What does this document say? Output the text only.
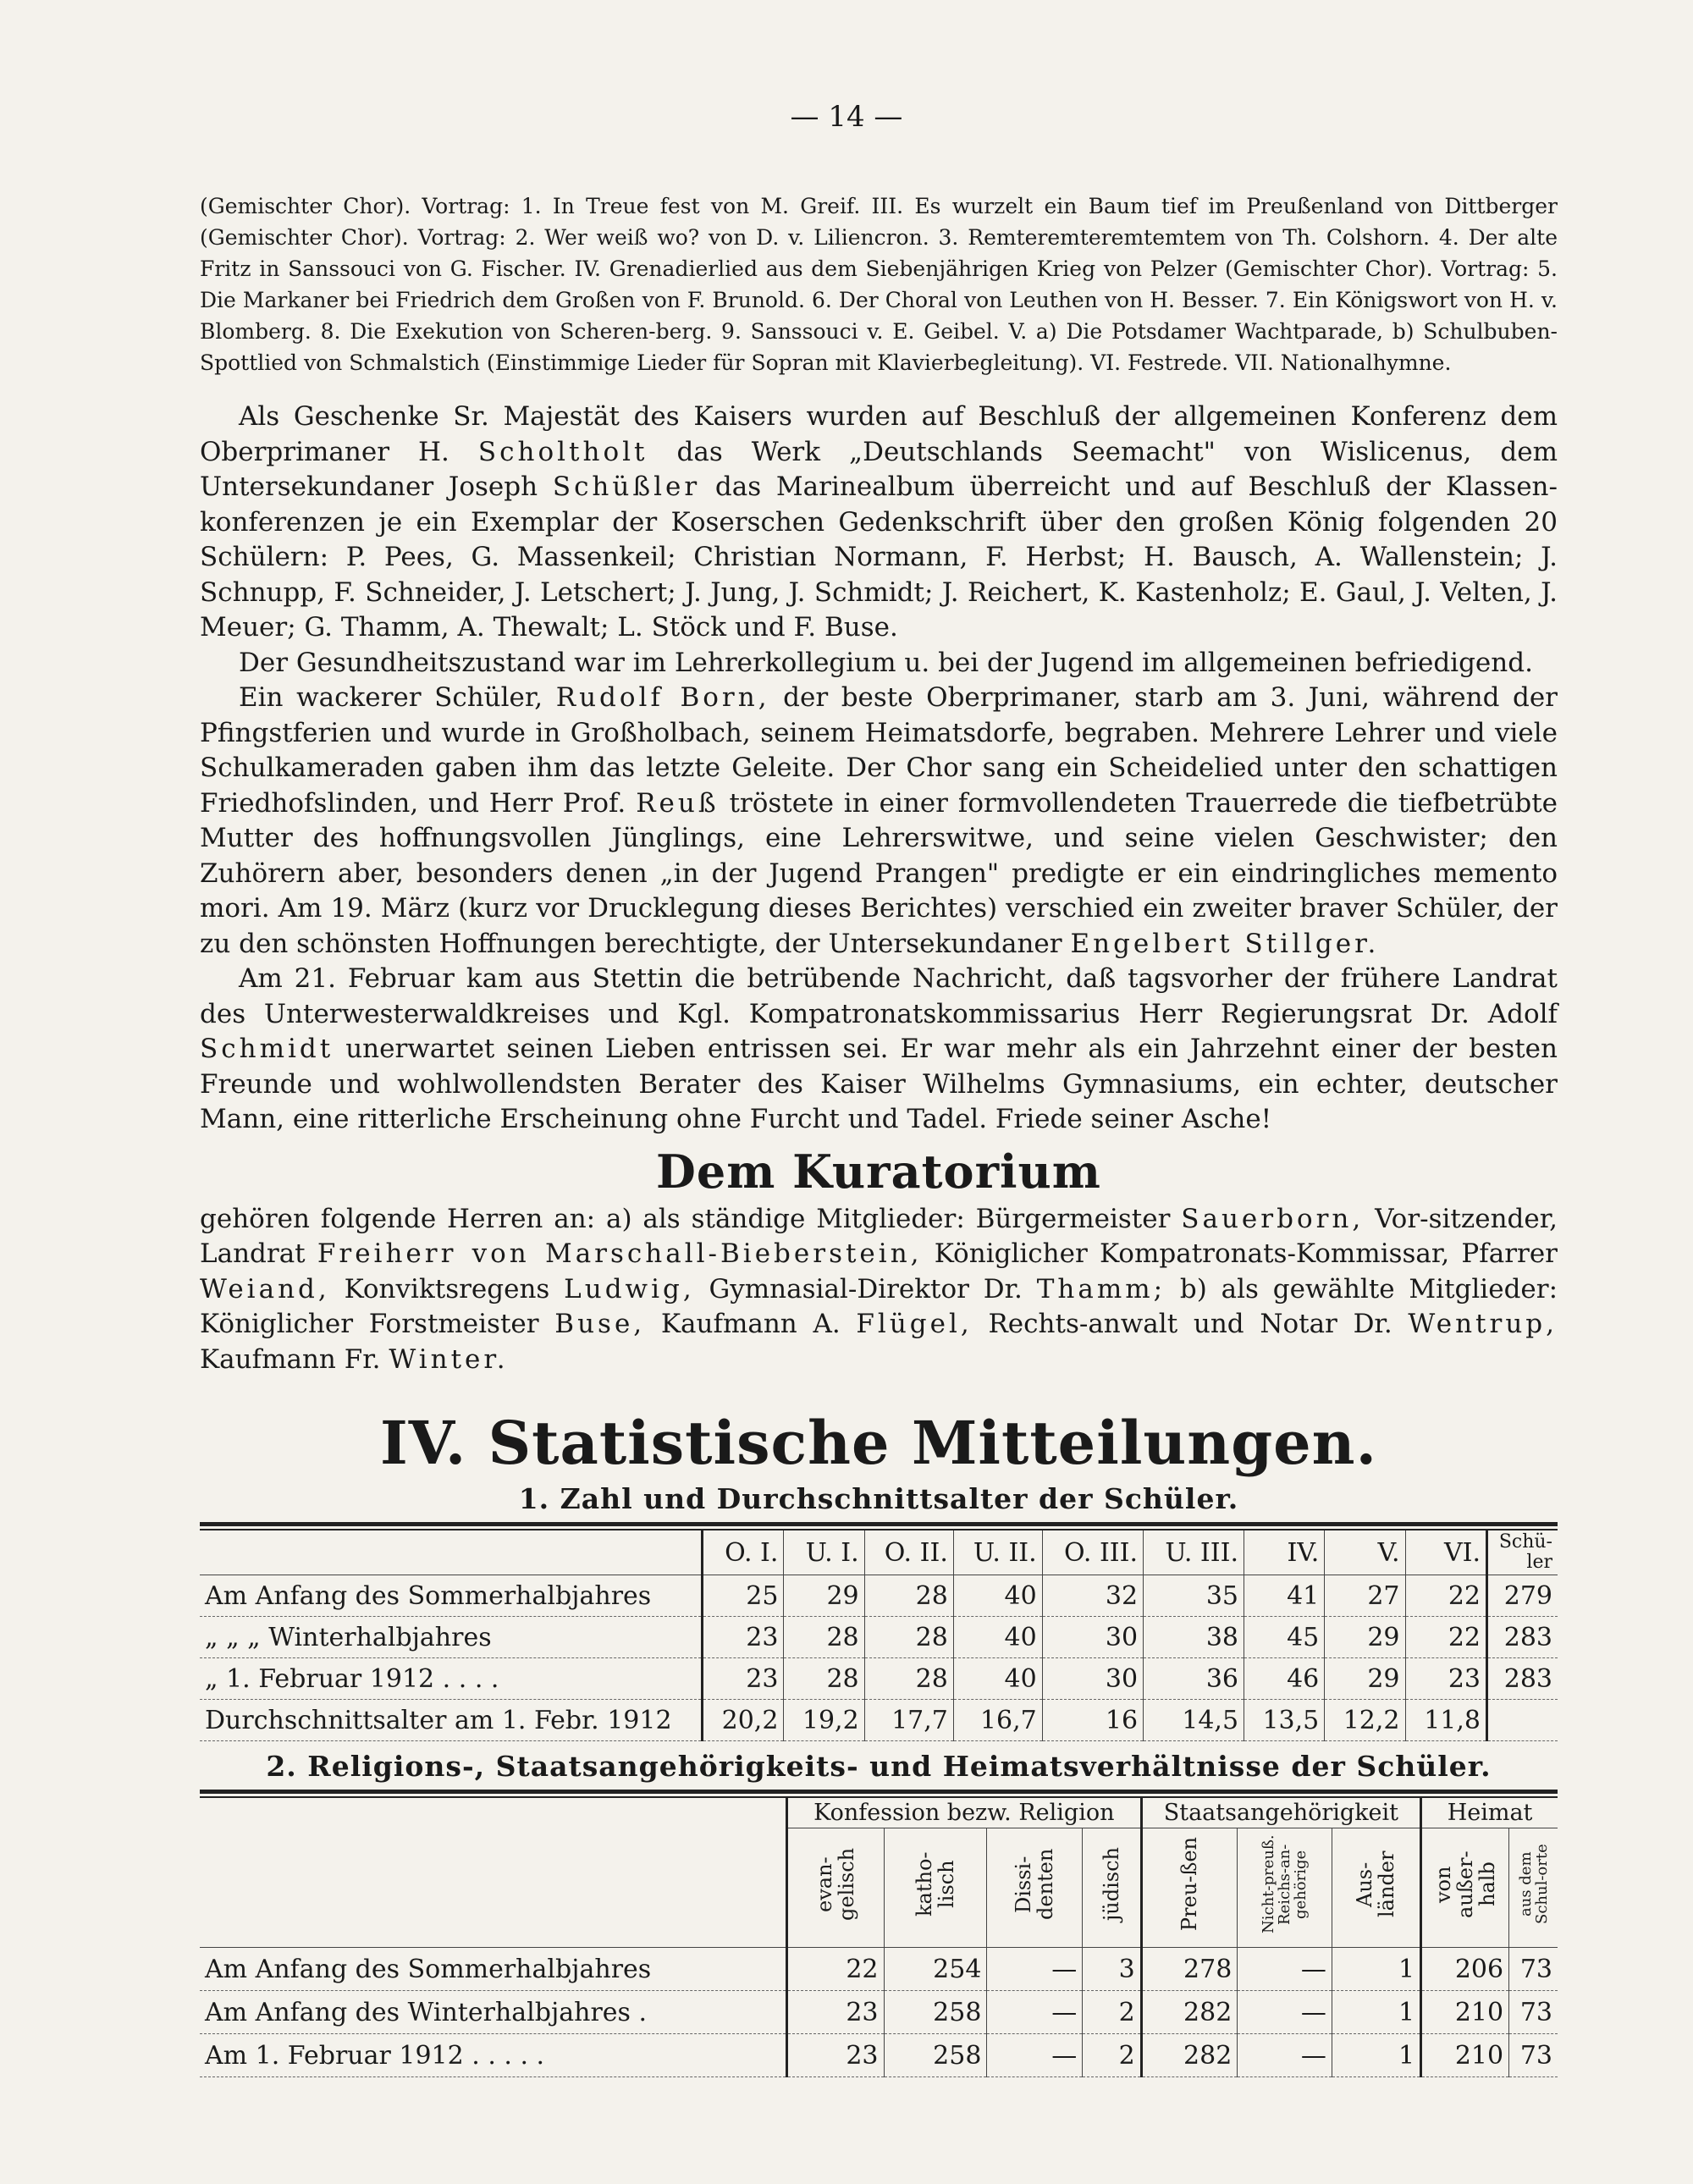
— 14 —

(Gemischter Chor). Vortrag: 1. In Treue fest von M. Greif. III. Es wurzelt ein Baum tief im Preußenland von Dittberger (Gemischter Chor). Vortrag: 2. Wer weiß wo? von D. v. Liliencron. 3. Remteremteremtemtem von Th. Colshorn. 4. Der alte Fritz in Sanssouci von G. Fischer. IV. Grenadierlied aus dem Siebenjährigen Krieg von Pelzer (Gemischter Chor). Vortrag: 5. Die Markaner bei Friedrich dem Großen von F. Brunold. 6. Der Choral von Leuthen von H. Besser. 7. Ein Königswort von H. v. Blomberg. 8. Die Exekution von Scheren-berg. 9. Sanssouci v. E. Geibel. V. a) Die Potsdamer Wachtparade, b) Schulbuben-Spottlied von Schmalstich (Einstimmige Lieder für Sopran mit Klavierbegleitung). VI. Festrede. VII. Nationalhymne.

Als Geschenke Sr. Majestät des Kaisers wurden auf Beschluß der allgemeinen Konferenz dem Oberprimaner H. Scholtholt das Werk „Deutschlands Seemacht" von Wislicenus, dem Untersekundaner Joseph Schüßler das Marinealbum überreicht und auf Beschluß der Klassen-konferenzen je ein Exemplar der Koserschen Gedenkschrift über den großen König folgenden 20 Schülern: P. Pees, G. Massenkeil; Christian Normann, F. Herbst; H. Bausch, A. Wallenstein; J. Schnupp, F. Schneider, J. Letschert; J. Jung, J. Schmidt; J. Reichert, K. Kastenholz; E. Gaul, J. Velten, J. Meuer; G. Thamm, A. Thewalt; L. Stöck und F. Buse.

Der Gesundheitszustand war im Lehrerkollegium u. bei der Jugend im allgemeinen befriedigend.

Ein wackerer Schüler, Rudolf Born, der beste Oberprimaner, starb am 3. Juni, während der Pfingstferien und wurde in Großholbach, seinem Heimatsdorfe, begraben. Mehrere Lehrer und viele Schulkameraden gaben ihm das letzte Geleite. Der Chor sang ein Scheidelied unter den schattigen Friedhofslinden, und Herr Prof. Reuß tröstete in einer formvollendeten Trauerrede die tiefbetrübte Mutter des hoffnungsvollen Jünglings, eine Lehrerswitwe, und seine vielen Geschwister; den Zuhörern aber, besonders denen „in der Jugend Prangen" predigte er ein eindringliches memento mori. Am 19. März (kurz vor Drucklegung dieses Berichtes) verschied ein zweiter braver Schüler, der zu den schönsten Hoffnungen berechtigte, der Untersekundaner Engelbert Stillger.

Am 21. Februar kam aus Stettin die betrübende Nachricht, daß tagsvorher der frühere Landrat des Unterwesterwaldkreises und Kgl. Kompatronatskommissarius Herr Regierungsrat Dr. Adolf Schmidt unerwartet seinen Lieben entrissen sei. Er war mehr als ein Jahrzehnt einer der besten Freunde und wohlwollendsten Berater des Kaiser Wilhelms Gymnasiums, ein echter, deutscher Mann, eine ritterliche Erscheinung ohne Furcht und Tadel. Friede seiner Asche!

Dem Kuratorium

gehören folgende Herren an: a) als ständige Mitglieder: Bürgermeister Sauerborn, Vor-sitzender, Landrat Freiherr von Marschall-Bieberstein, Königlicher Kompatronats-Kommissar, Pfarrer Weiand, Konviktsregens Ludwig, Gymnasial-Direktor Dr. Thamm; b) als gewählte Mitglieder: Königlicher Forstmeister Buse, Kaufmann A. Flügel, Rechts-anwalt und Notar Dr. Wentrup, Kaufmann Fr. Winter.

IV. Statistische Mitteilungen.
1. Zahl und Durchschnittsalter der Schüler.
	O. I.	U. I.	O. II.	U. II.	O. III.	U. III.	IV.	V.	VI.	Schü-ler
Am Anfang des Sommerhalbjahres	25	29	28	40	32	35	41	27	22	279
„ „ „ Winterhalbjahres	23	28	28	40	30	38	45	29	22	283
„ 1. Februar 1912 . . . .	23	28	28	40	30	36	46	29	23	283
Durchschnittsalter am 1. Febr. 1912	20,2	19,2	17,7	16,7	16	14,5	13,5	12,2	11,8	
2. Religions-, Staatsangehörigkeits- und Heimatsverhältnisse der Schüler.
	Konfession bezw. Religion				Staatsangehörigkeit			Heimat	
	evan-gelisch	katho-lisch	Dissi-denten	jüdisch	Preu-ßen	Nicht-preuß. Reichs-an-gehörige	Aus-länder	von außer-halb	aus dem Schul-orte
Am Anfang des Sommerhalbjahres	22	254	—	3	278	—	1	206	73
Am Anfang des Winterhalbjahres .	23	258	—	2	282	—	1	210	73
Am 1. Februar 1912 . . . . .	23	258	—	2	282	—	1	210	73
